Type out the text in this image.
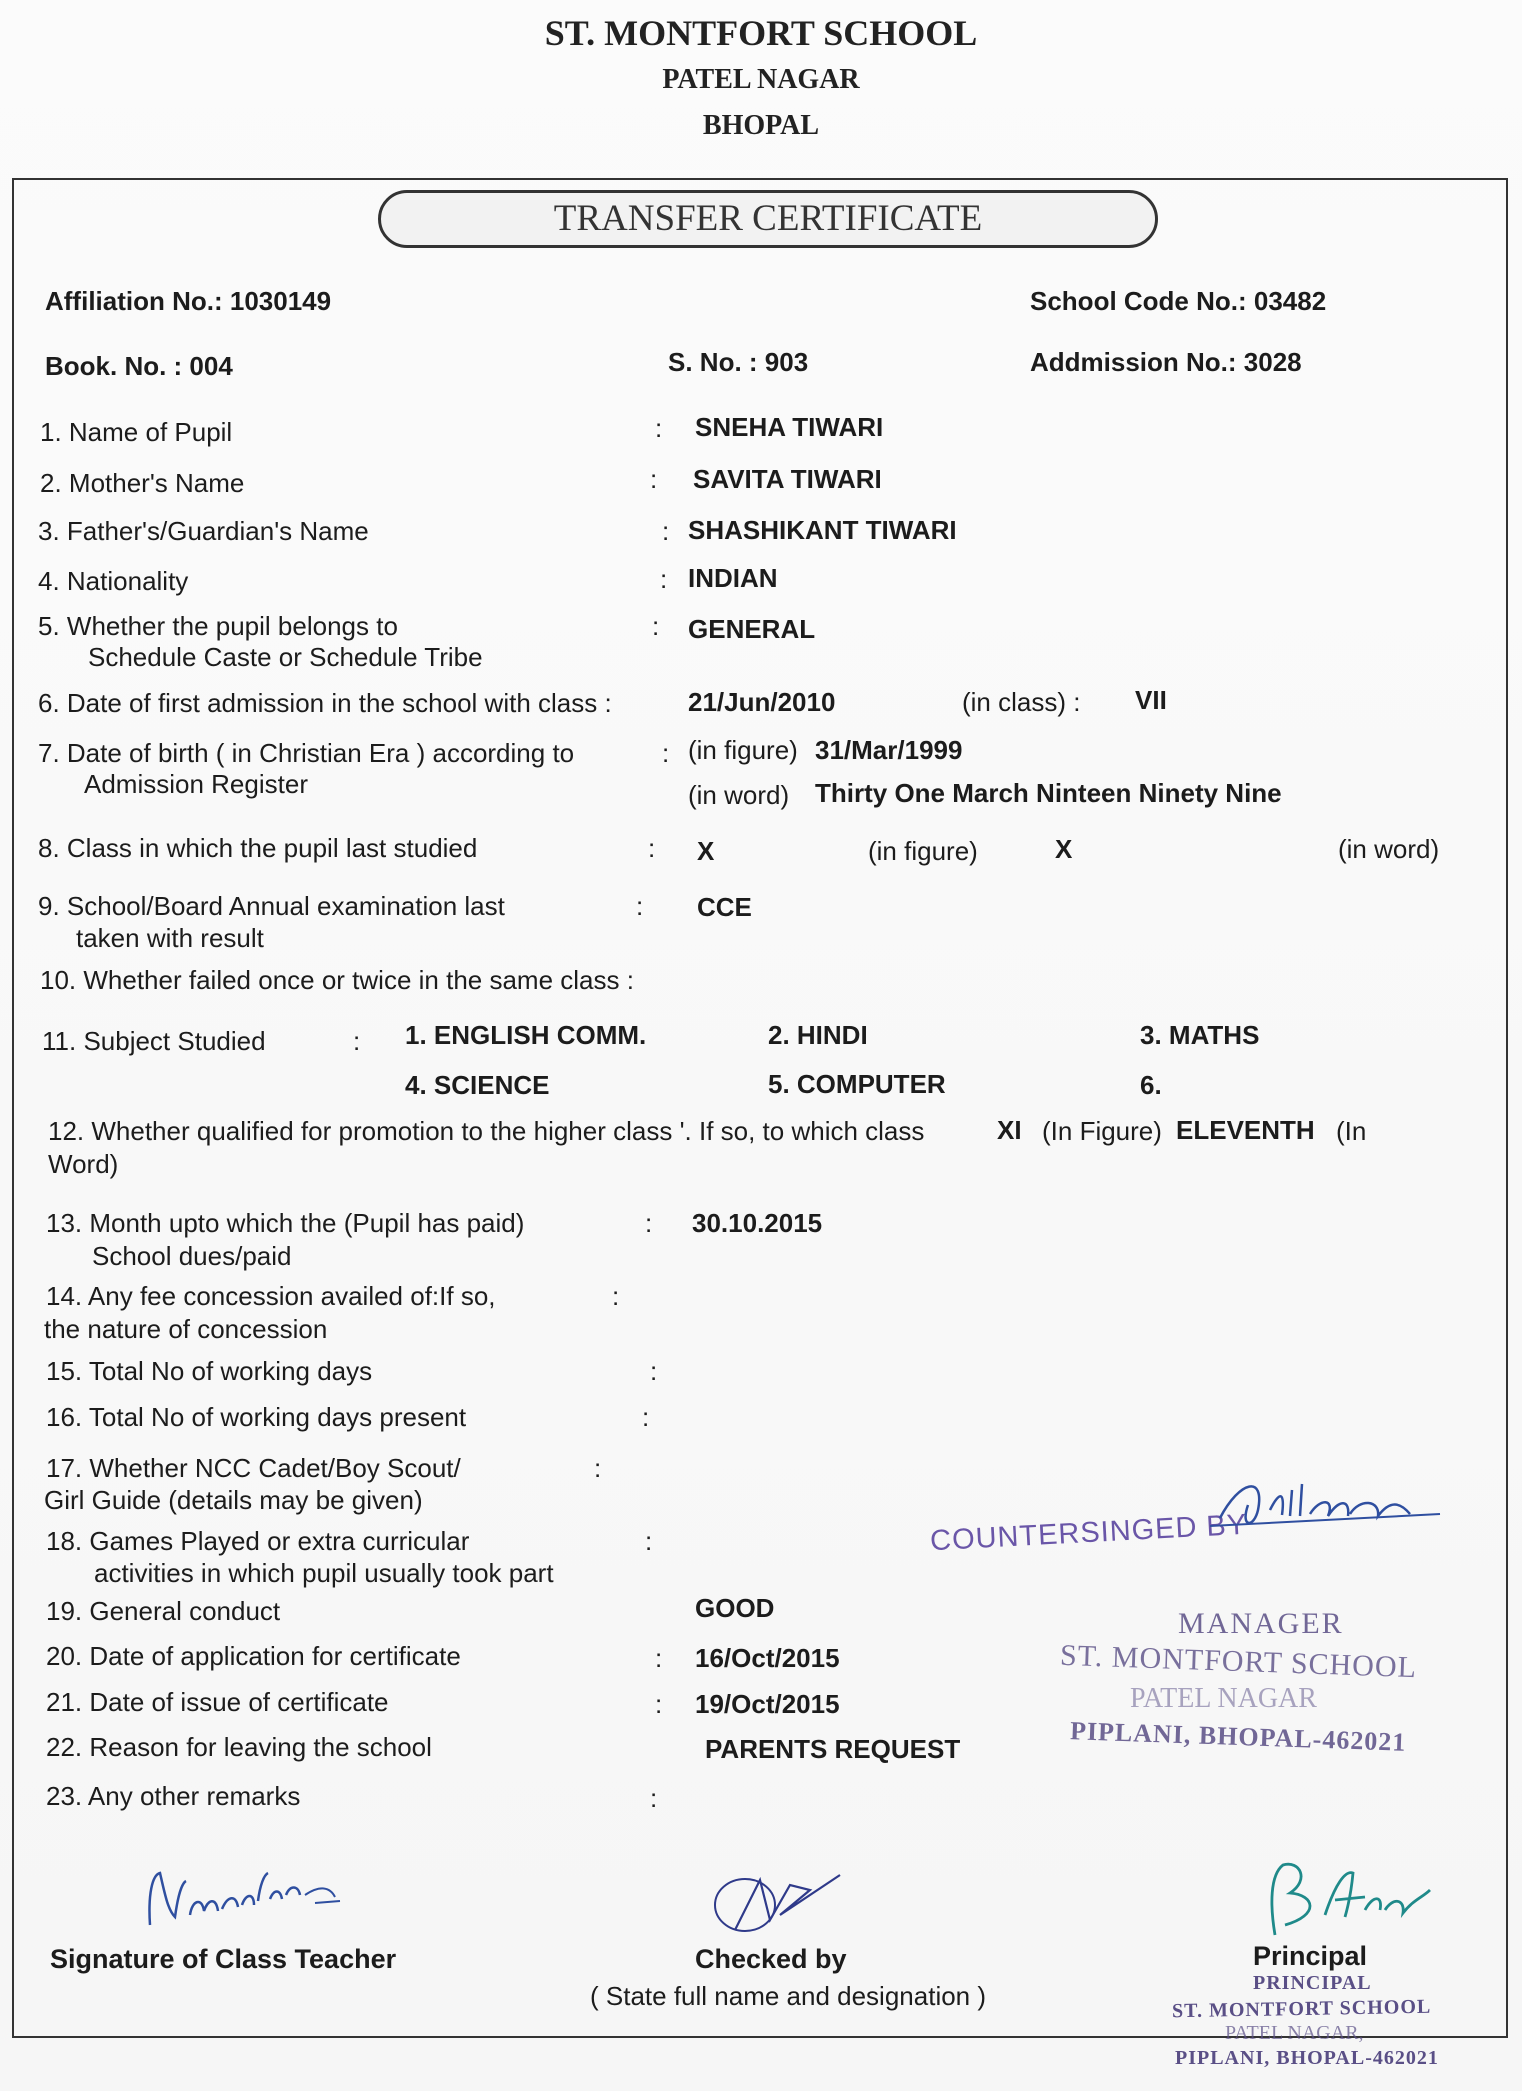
ST. MONTFORT SCHOOL
PATEL NAGAR
BHOPAL
TRANSFER CERTIFICATE
Affiliation No.: 1030149	School Code No.: 03482
Book. No. : 004	S. No. : 903	Addmission No.: 3028
1. Name of Pupil	: SNEHA TIWARI
2. Mother's Name	: SAVITA TIWARI
3. Father's/Guardian's Name	: SHASHIKANT TIWARI
4. Nationality	: INDIAN
5. Whether the pupil belongs to
Schedule Caste or Schedule Tribe
: GENERAL
6. Date of first admission in the school with class :	21/Jun/2010	(in class) : VII
7. Date of birth ( in Christian Era ) according to
Admission Register
: (in figure) 31/Mar/1999
(in word) Thirty One March Ninteen Ninety Nine
8. Class in which the pupil last studied	: X	(in figure)	X	(in word)
9. School/Board Annual examination last
taken with result
: CCE
10. Whether failed once or twice in the same class :
11. Subject Studied	: 1. ENGLISH COMM.	2. HINDI	3. MATHS
4. SCIENCE	5. COMPUTER	6.
12. Whether qualified for promotion to the higher class '. If so, to which class	XI (In Figure) ELEVENTH (In
Word)
13. Month upto which the (Pupil has paid)
School dues/paid
: 30.10.2015
14. Any fee concession availed of:If so,
the nature of concession
:
15. Total No of working days	:
16. Total No of working days present	:
17. Whether NCC Cadet/Boy Scout/
Girl Guide (details may be given)
:
18. Games Played or extra curricular
activities in which pupil usually took part
:
19. General conduct	GOOD
20. Date of application for certificate	: 16/Oct/2015
21. Date of issue of certificate	: 19/Oct/2015
22. Reason for leaving the school	PARENTS REQUEST
23. Any other remarks	:
COUNTERSINGED BY
MANAGER
ST. MONTFORT SCHOOL
PATEL NAGAR
PIPLANI, BHOPAL-462021
Signature of Class Teacher	Checked by
( State full name and designation )
Principal
PRINCIPAL
ST. MONTFORT SCHOOL
PATEL NAGAR,
PIPLANI, BHOPAL-462021
